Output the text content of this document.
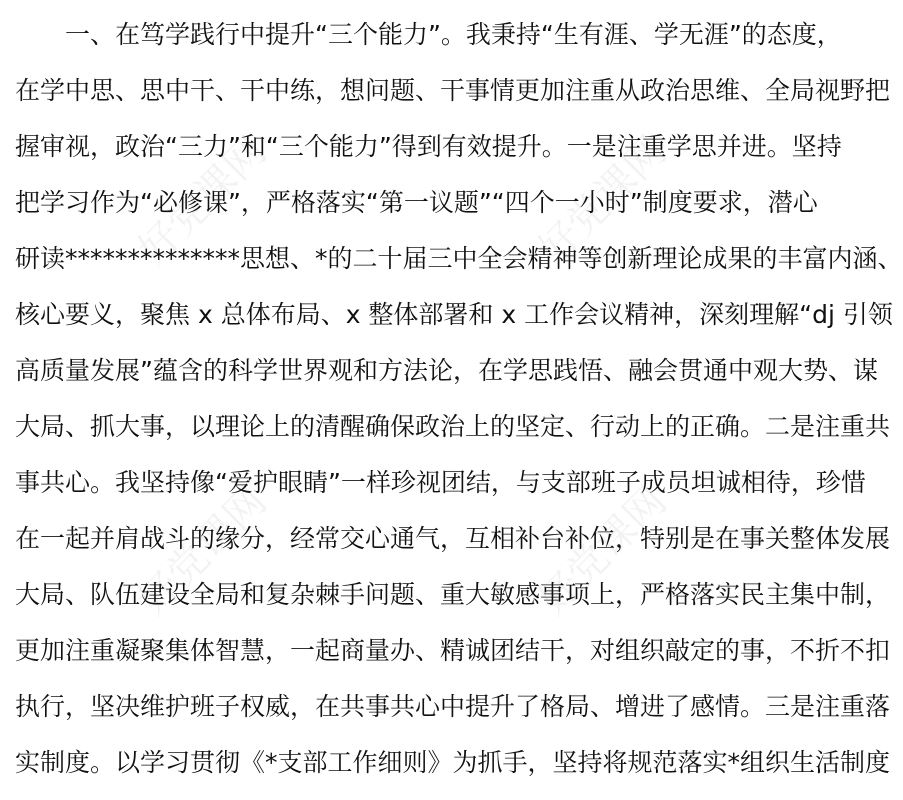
好党课网	好党课网
好党课网	好党课网
一、在笃学践行中提升“三个能力”。我秉持“生有涯、学无涯”的态度，
在学中思、思中干、干中练，想问题、干事情更加注重从政治思维、全局视野把
握审视，政治“三力”和“三个能力”得到有效提升。一是注重学思并进。坚持
把学习作为“必修课”，严格落实“第一议题”“四个一小时”制度要求，潜心
研读**************思想、*的二十届三中全会精神等创新理论成果的丰富内涵、
核心要义，聚焦 x 总体布局、x 整体部署和 x 工作会议精神，深刻理解“dj 引领
高质量发展”蕴含的科学世界观和方法论，在学思践悟、融会贯通中观大势、谋
大局、抓大事，以理论上的清醒确保政治上的坚定、行动上的正确。二是注重共
事共心。我坚持像“爱护眼睛”一样珍视团结，与支部班子成员坦诚相待，珍惜
在一起并肩战斗的缘分，经常交心通气，互相补台补位，特别是在事关整体发展
大局、队伍建设全局和复杂棘手问题、重大敏感事项上，严格落实民主集中制，
更加注重凝聚集体智慧，一起商量办、精诚团结干，对组织敲定的事，不折不扣
执行，坚决维护班子权威，在共事共心中提升了格局、增进了感情。三是注重落
实制度。以学习贯彻《*支部工作细则》为抓手，坚持将规范落实*组织生活制度
